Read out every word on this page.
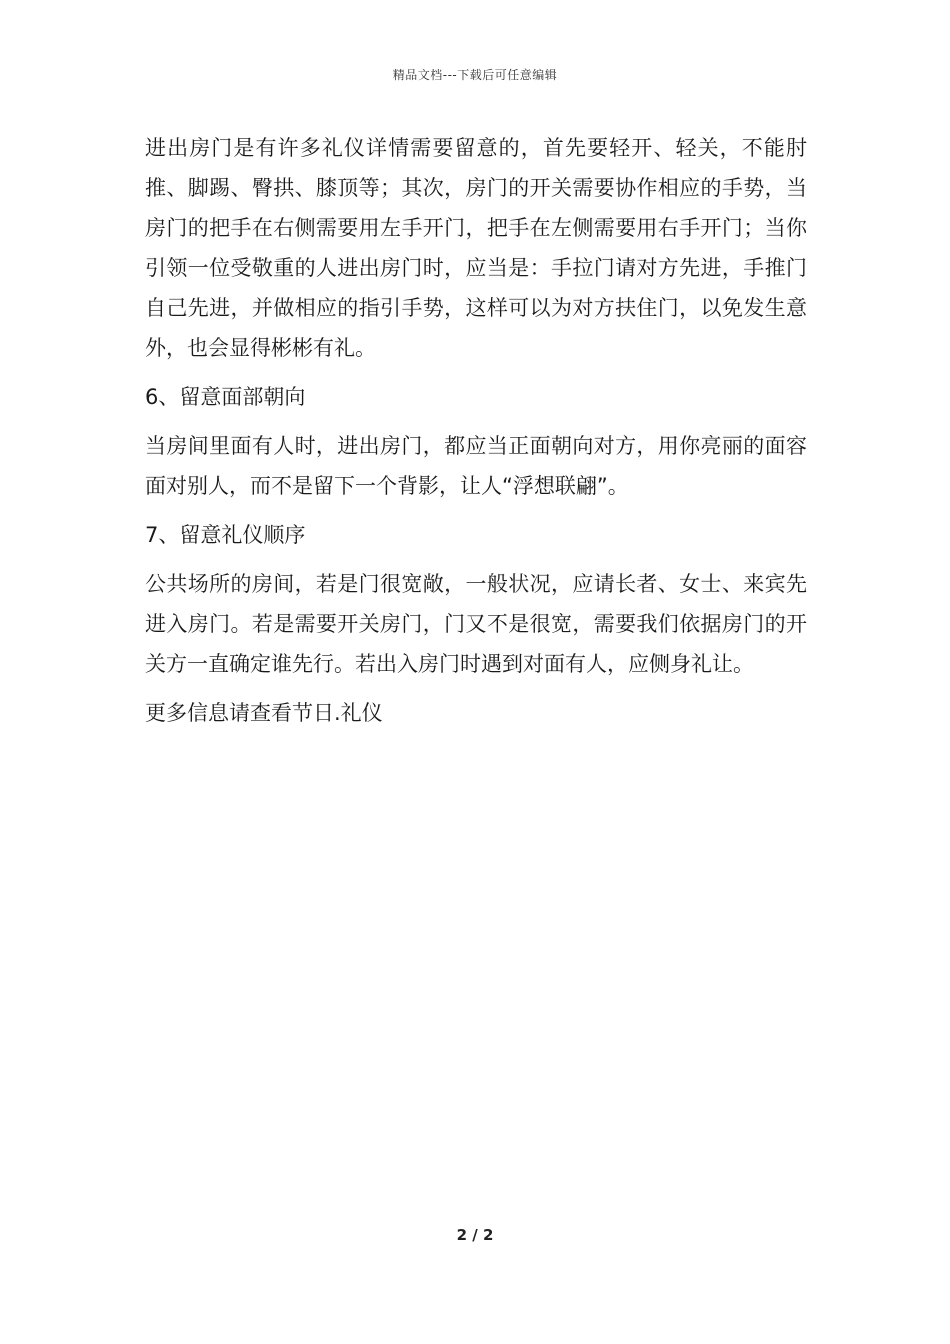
精品文档---下载后可任意编辑

进出房门是有许多礼仪详情需要留意的，首先要轻开、轻关，不能肘推、脚踢、臀拱、膝顶等；其次，房门的开关需要协作相应的手势，当房门的把手在右侧需要用左手开门，把手在左侧需要用右手开门；当你引领一位受敬重的人进出房门时，应当是：手拉门请对方先进，手推门自己先进，并做相应的指引手势，这样可以为对方扶住门，以免发生意外，也会显得彬彬有礼。

6、留意面部朝向

当房间里面有人时，进出房门，都应当正面朝向对方，用你亮丽的面容面对别人，而不是留下一个背影，让人“浮想联翩”。

7、留意礼仪顺序

公共场所的房间，若是门很宽敞，一般状况，应请长者、女士、来宾先进入房门。若是需要开关房门，门又不是很宽，需要我们依据房门的开关方一直确定谁先行。若出入房门时遇到对面有人，应侧身礼让。

更多信息请查看节日.礼仪

2 / 2
